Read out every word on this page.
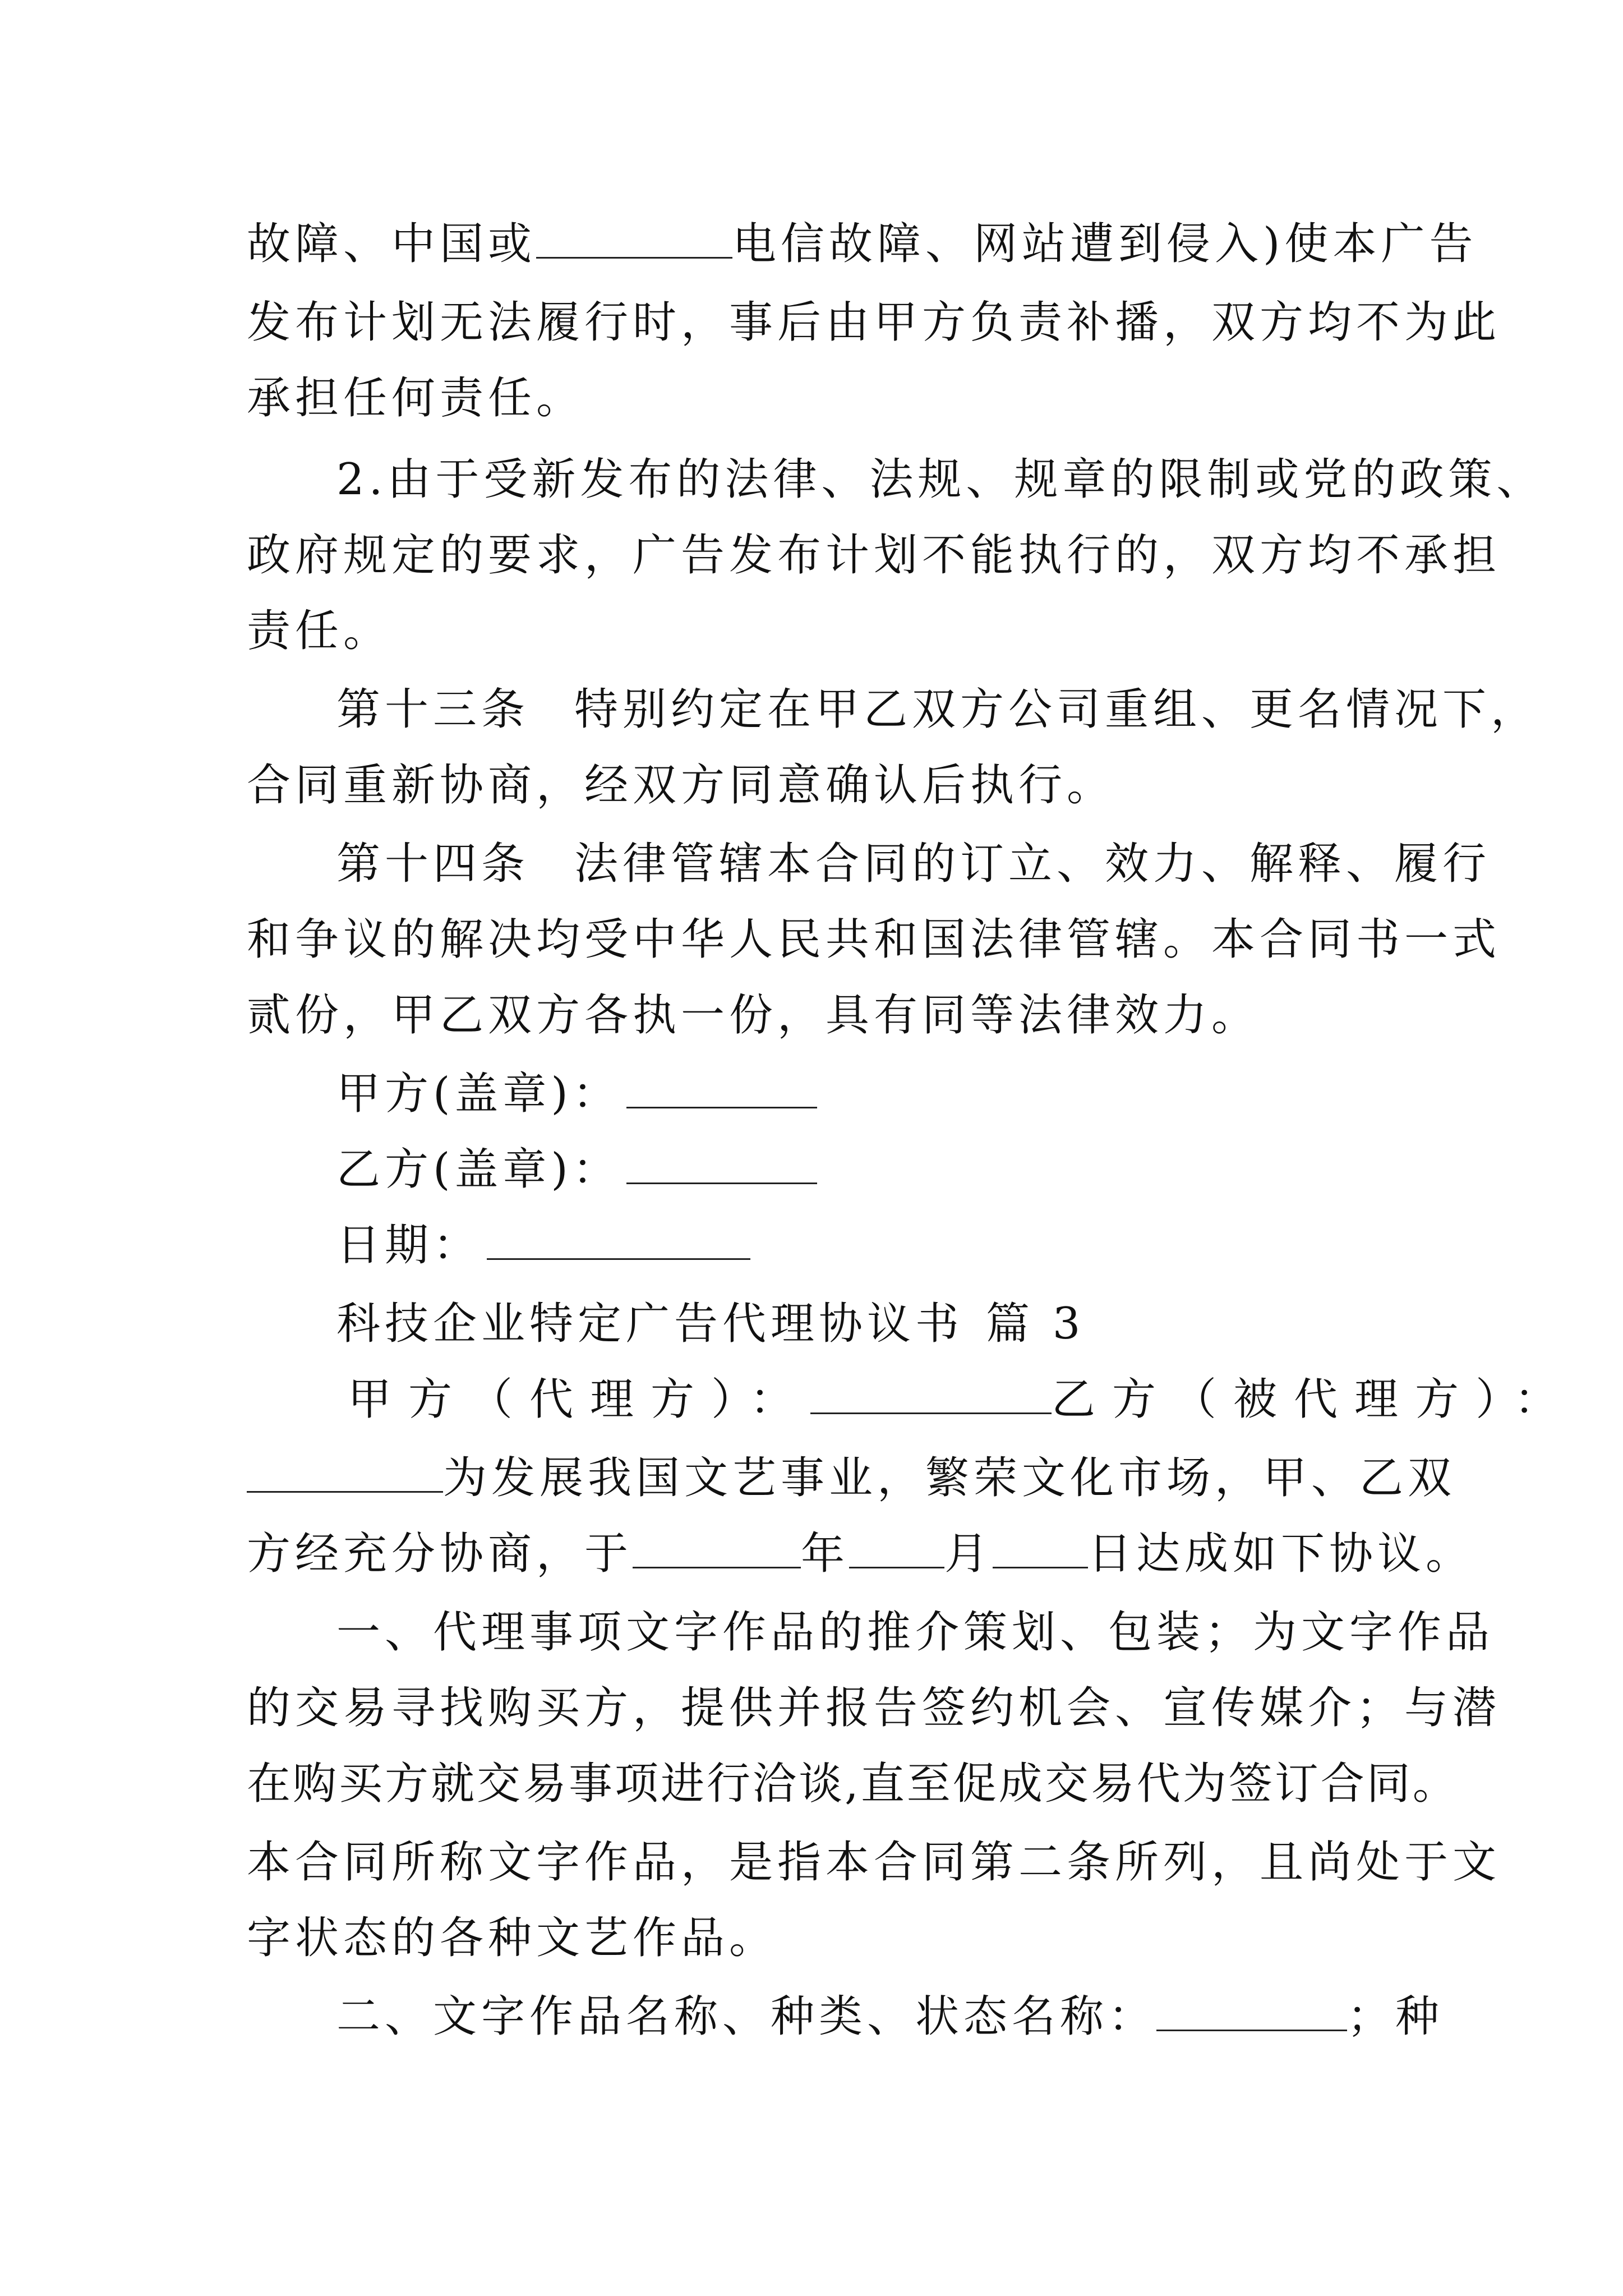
故障、中国或	电信故障、网站遭到侵入)使本广告
发布计划无法履行时，事后由甲方负责补播，双方均不为此
承担任何责任。
2.由于受新发布的法律、法规、规章的限制或党的政策、
政府规定的要求，广告发布计划不能执行的，双方均不承担
责任。
第十三条 特别约定在甲乙双方公司重组、更名情况下，
合同重新协商，经双方同意确认后执行。
第十四条 法律管辖本合同的订立、效力、解释、履行
和争议的解决均受中华人民共和国法律管辖。本合同书一式
贰份，甲乙双方各执一份，具有同等法律效力。
甲方(盖章)：
乙方(盖章)：
日期：
科技企业特定广告代理协议书 篇 3
甲方（代理方）：	乙方（被代理方）：
为发展我国文艺事业，繁荣文化市场，甲、乙双
方经充分协商，于	年 月 日达成如下协议。
一、代理事项文字作品的推介策划、包装；为文字作品
的交易寻找购买方，提供并报告签约机会、宣传媒介；与潜
在购买方就交易事项进行洽谈,直至促成交易代为签订合同。
本合同所称文字作品，是指本合同第二条所列，且尚处于文
字状态的各种文艺作品。
二、文字作品名称、种类、状态名称：	；种
